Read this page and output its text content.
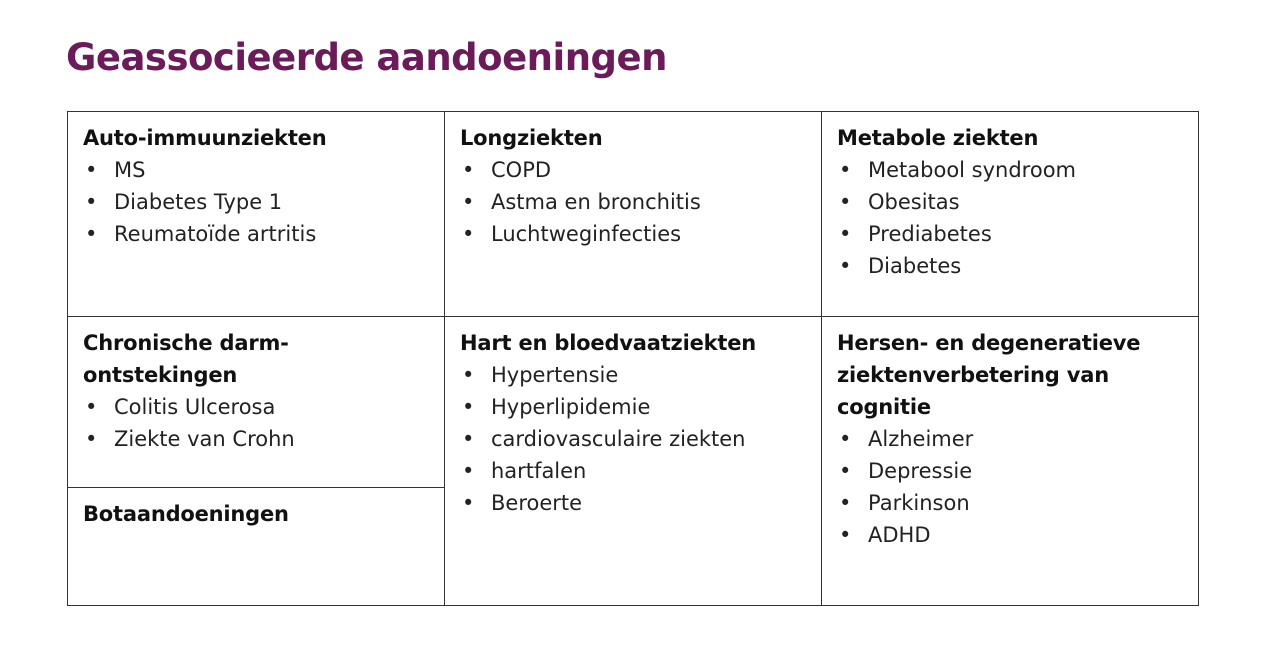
Geassocieerde aandoeningen

Auto-immuunziekten

• MS
• Diabetes Type 1
• Reumatoïde artritis

Longziekten

• COPD
• Astma en bronchitis
• Luchtweginfecties

Metabole ziekten

• Metabool syndroom
• Obesitas
• Prediabetes
• Diabetes

Chronische darm-

ontstekingen

• Colitis Ulcerosa
• Ziekte van Crohn

Botaandoeningen

Hart en bloedvaatziekten

• Hypertensie
• Hyperlipidemie
• cardiovasculaire ziekten
• hartfalen
• Beroerte

Hersen- en degeneratieve

ziektenverbetering van

cognitie

• Alzheimer
• Depressie
• Parkinson
• ADHD
